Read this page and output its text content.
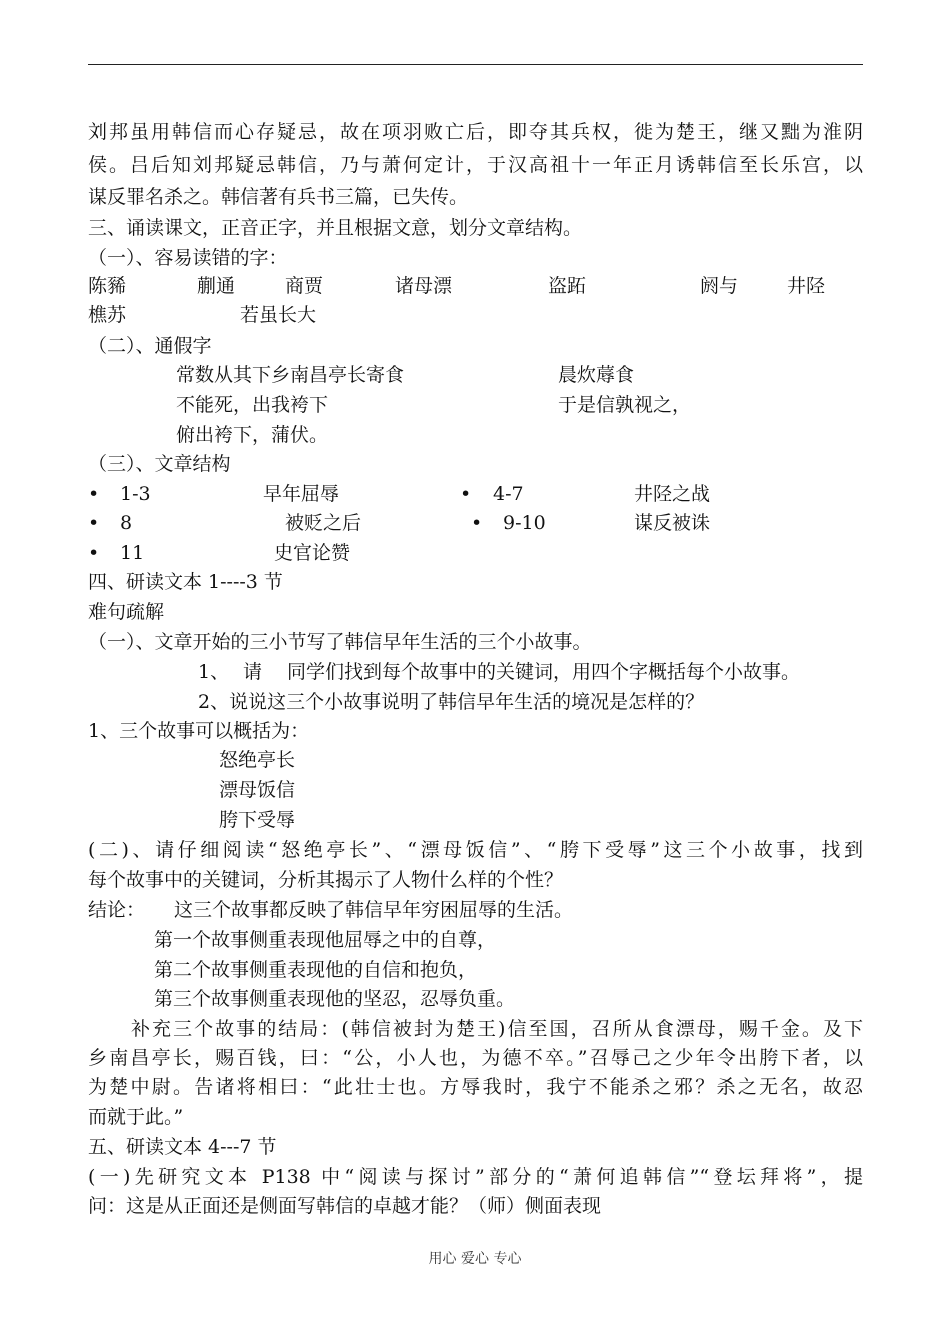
刘邦虽用韩信而心存疑忌，故在项羽败亡后，即夺其兵权，徙为楚王，继又黜为淮阴
侯。吕后知刘邦疑忌韩信，乃与萧何定计，于汉高祖十一年正月诱韩信至长乐宫，以
谋反罪名杀之。韩信著有兵书三篇，已失传。
三、诵读课文，正音正字，并且根据文意，划分文章结构。
（一）、容易读错的字：
陈豨	蒯通	商贾	诸母漂	盗跖	阏与	井陉
樵苏	若虽长大
（二）、通假字
常数从其下乡南昌亭长寄食	晨炊蓐食
不能死，出我袴下	于是信孰视之，
俯出袴下，蒲伏。
（三）、文章结构
• 1-3	早年屈辱	• 4-7	井陉之战
• 8	被贬之后	• 9-10	谋反被诛
• 11	史官论赞
四、研读文本 1----3 节
难句疏解
（一）、文章开始的三小节写了韩信早年生活的三个小故事。
1、 请 同学们找到每个故事中的关键词，用四个字概括每个小故事。
2、说说这三个小故事说明了韩信早年生活的境况是怎样的？
1、三个故事可以概括为：
怒绝亭长
漂母饭信
胯下受辱
(二)、请仔细阅读“怒绝亭长”、“漂母饭信”、“胯下受辱”这三个小故事，找到
每个故事中的关键词，分析其揭示了人物什么样的个性？
结论： 这三个故事都反映了韩信早年穷困屈辱的生活。
第一个故事侧重表现他屈辱之中的自尊，
第二个故事侧重表现他的自信和抱负，
第三个故事侧重表现他的坚忍，忍辱负重。
补充三个故事的结局：(韩信被封为楚王)信至国，召所从食漂母，赐千金。及下
乡南昌亭长，赐百钱，曰：“公，小人也，为德不卒。”召辱己之少年令出胯下者，以
为楚中尉。告诸将相曰：“此壮士也。方辱我时，我宁不能杀之邪？杀之无名，故忍
而就于此。”
五、研读文本 4---7 节
(一)先研究文本 P138 中“阅读与探讨”部分的“萧何追韩信”“登坛拜将”，提
问：这是从正面还是侧面写韩信的卓越才能？（师）侧面表现
用心 爱心 专心
